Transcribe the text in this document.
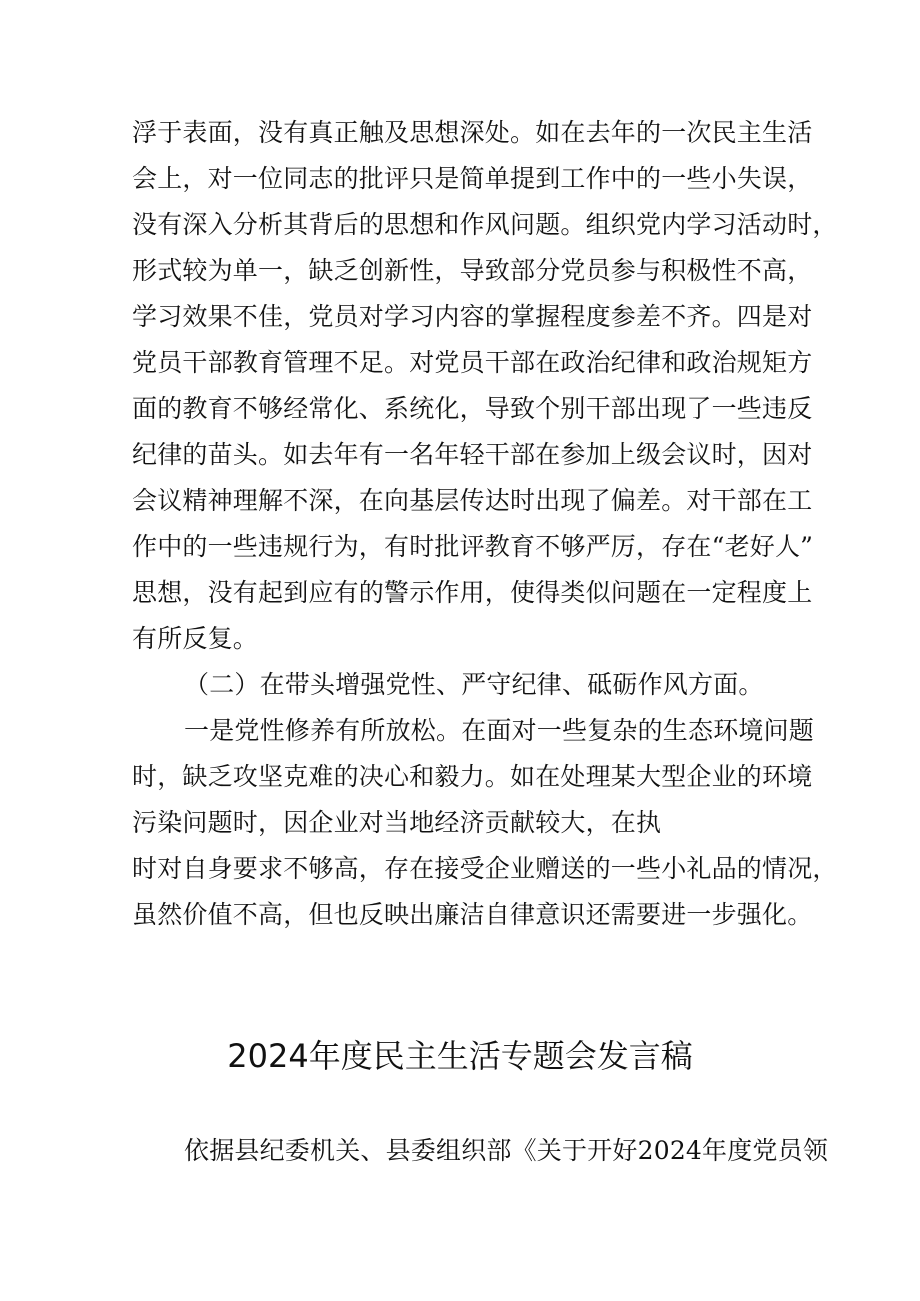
浮于表面，没有真正触及思想深处。如在去年的一次民主生活
会上，对一位同志的批评只是简单提到工作中的一些小失误，
没有深入分析其背后的思想和作风问题。组织党内学习活动时，
形式较为单一，缺乏创新性，导致部分党员参与积极性不高，
学习效果不佳，党员对学习内容的掌握程度参差不齐。四是对
党员干部教育管理不足。对党员干部在政治纪律和政治规矩方
面的教育不够经常化、系统化，导致个别干部出现了一些违反
纪律的苗头。如去年有一名年轻干部在参加上级会议时，因对
会议精神理解不深，在向基层传达时出现了偏差。对干部在工
作中的一些违规行为，有时批评教育不够严厉，存在“老好人”
思想，没有起到应有的警示作用，使得类似问题在一定程度上
有所反复。
（二）在带头增强党性、严守纪律、砥砺作风方面。
一是党性修养有所放松。在面对一些复杂的生态环境问题
时，缺乏攻坚克难的决心和毅力。如在处理某大型企业的环境
污染问题时，因企业对当地经济贡献较大，在执
时对自身要求不够高，存在接受企业赠送的一些小礼品的情况，
虽然价值不高，但也反映出廉洁自律意识还需要进一步强化。
2024年度民主生活专题会发言稿
依据县纪委机关、县委组织部《关于开好2024年度党员领
